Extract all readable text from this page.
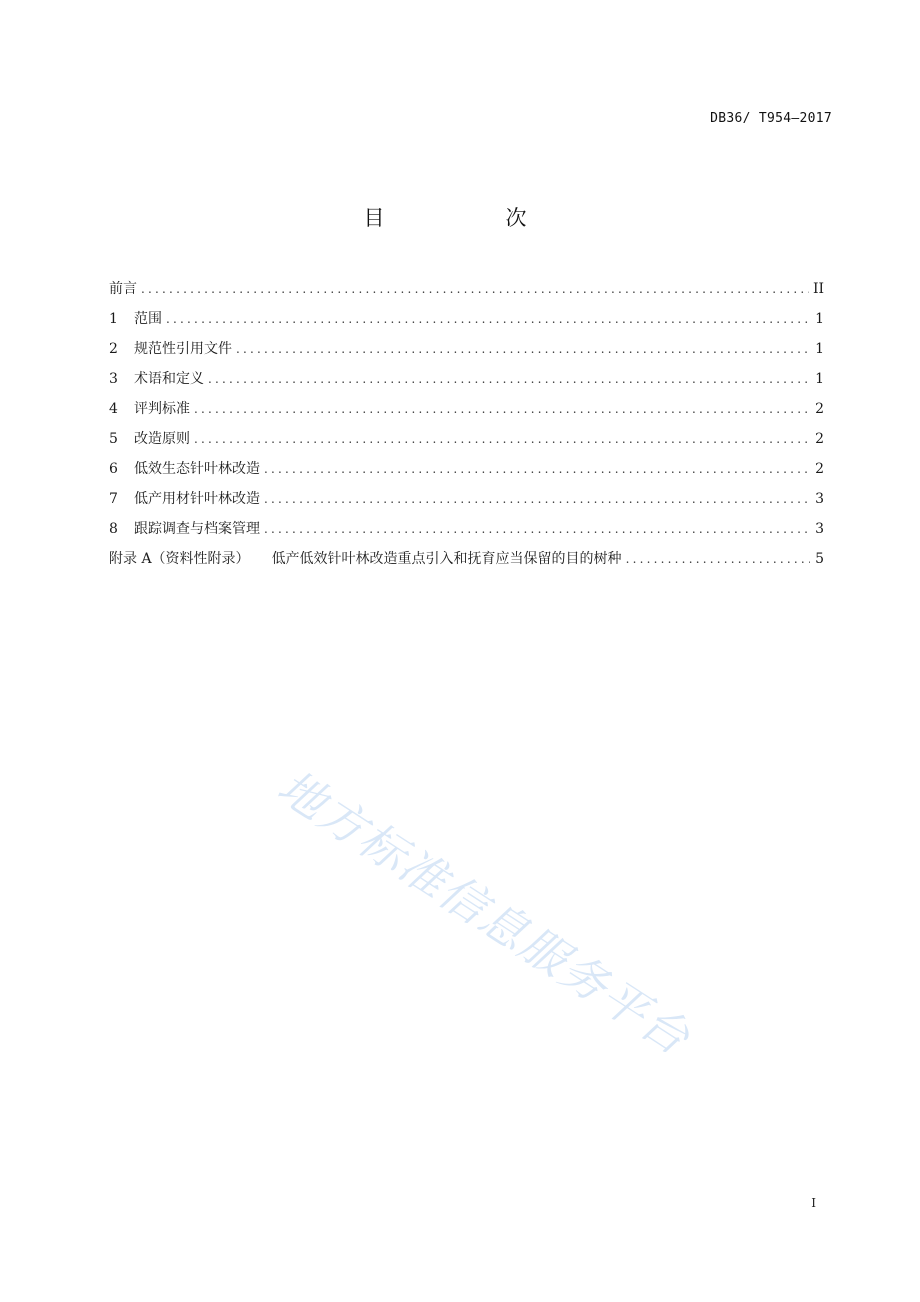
DB36/ T954—2017
目　次
前言 .....	II
1	范围 .....	1
2	规范性引用文件 .....	1
3	术语和定义 .....	1
4	评判标准 .....	2
5	改造原则 .....	2
6	低效生态针叶林改造 .....	2
7	低产用材针叶林改造 .....	3
8	跟踪调查与档案管理 .....	3
附录 A（资料性附录） 低产低效针叶林改造重点引入和抚育应当保留的目的树种 .....	5
地方标准信息服务平台
I
